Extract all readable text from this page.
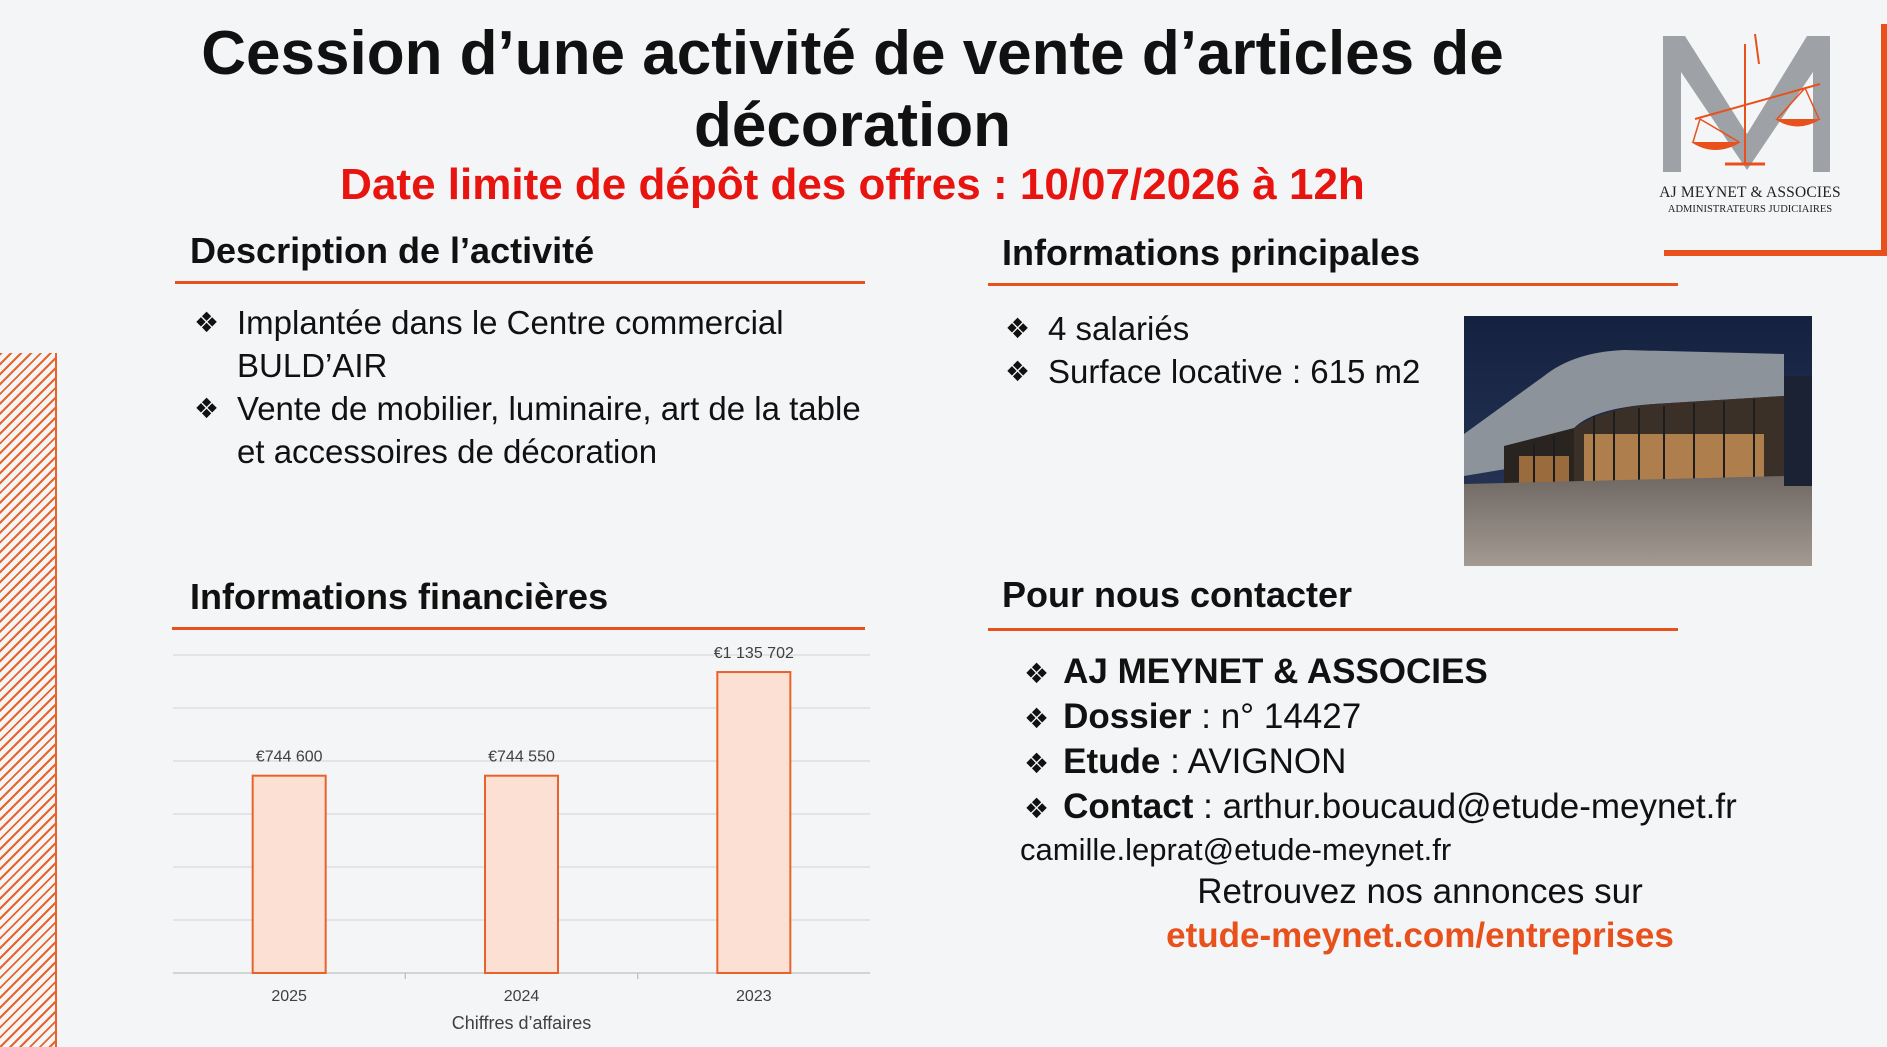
Cession d’une activité de vente d’articles de décoration
Date limite de dépôt des offres : 10/07/2026 à 12h	AJ MEYNET & ASSOCIES
ADMINISTRATEURS JUDICIAIRES
Description de l’activité
❖ Implantée dans le Centre commercial BULD’AIR
❖ Vente de mobilier, luminaire, art de la table et accessoires de décoration
Informations principales
❖ 4 salariés
❖ Surface locative : 615 m2
Informations financières
€744 600
2025
€744 550
2024
€1 135 702
2023
Chiffres d’affaires
Pour nous contacter
❖ AJ MEYNET & ASSOCIES
❖ Dossier : n° 14427
❖ Etude : AVIGNON
❖ Contact : arthur.boucaud@etude-meynet.fr
camille.leprat@etude-meynet.fr
Retrouvez nos annonces sur
etude-meynet.com/entreprises
